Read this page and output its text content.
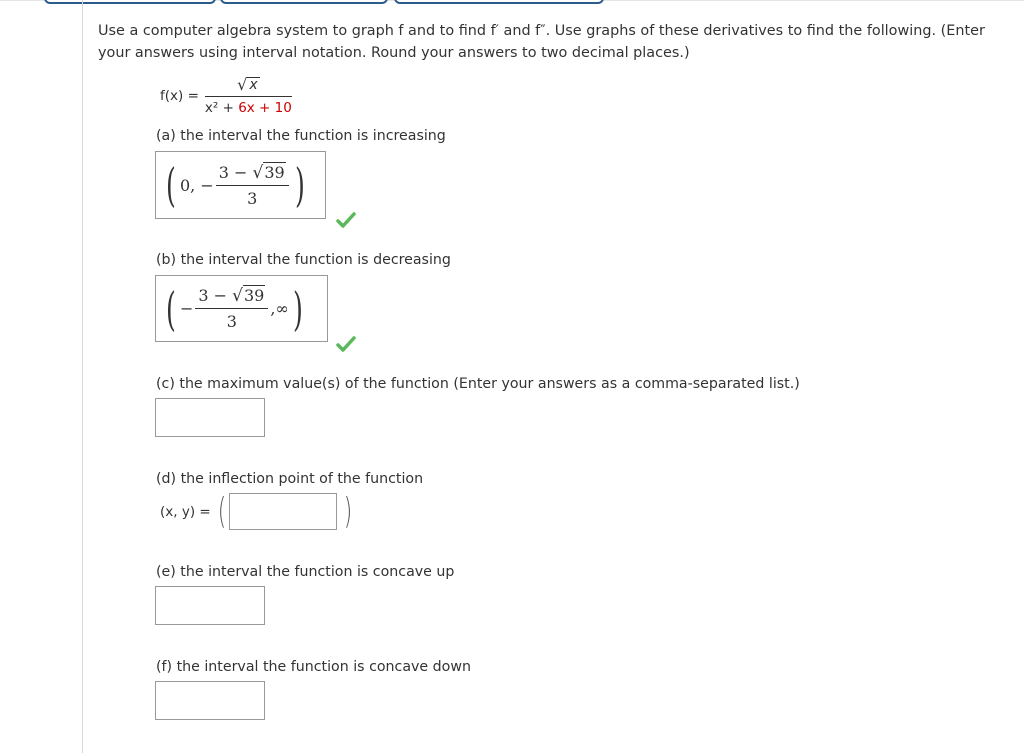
Use a computer algebra system to graph f and to find f′ and f″. Use graphs of these derivatives to find the following. (Enter your answers using interval notation. Round your answers to two decimal places.)

$f(x) = \frac{√ x}{\text{x² + 6x + 10}}$

(a) the interval the function is increasing

( 0, −
3 − √39
3 )

(b) the interval the function is decreasing

( −
3 − √39
3
,∞ )

(c) the maximum value(s) of the function (Enter your answers as a comma-separated list.)

(d) the inflection point of the function

(x, y) = (	)

(e) the interval the function is concave up

(f) the interval the function is concave down
